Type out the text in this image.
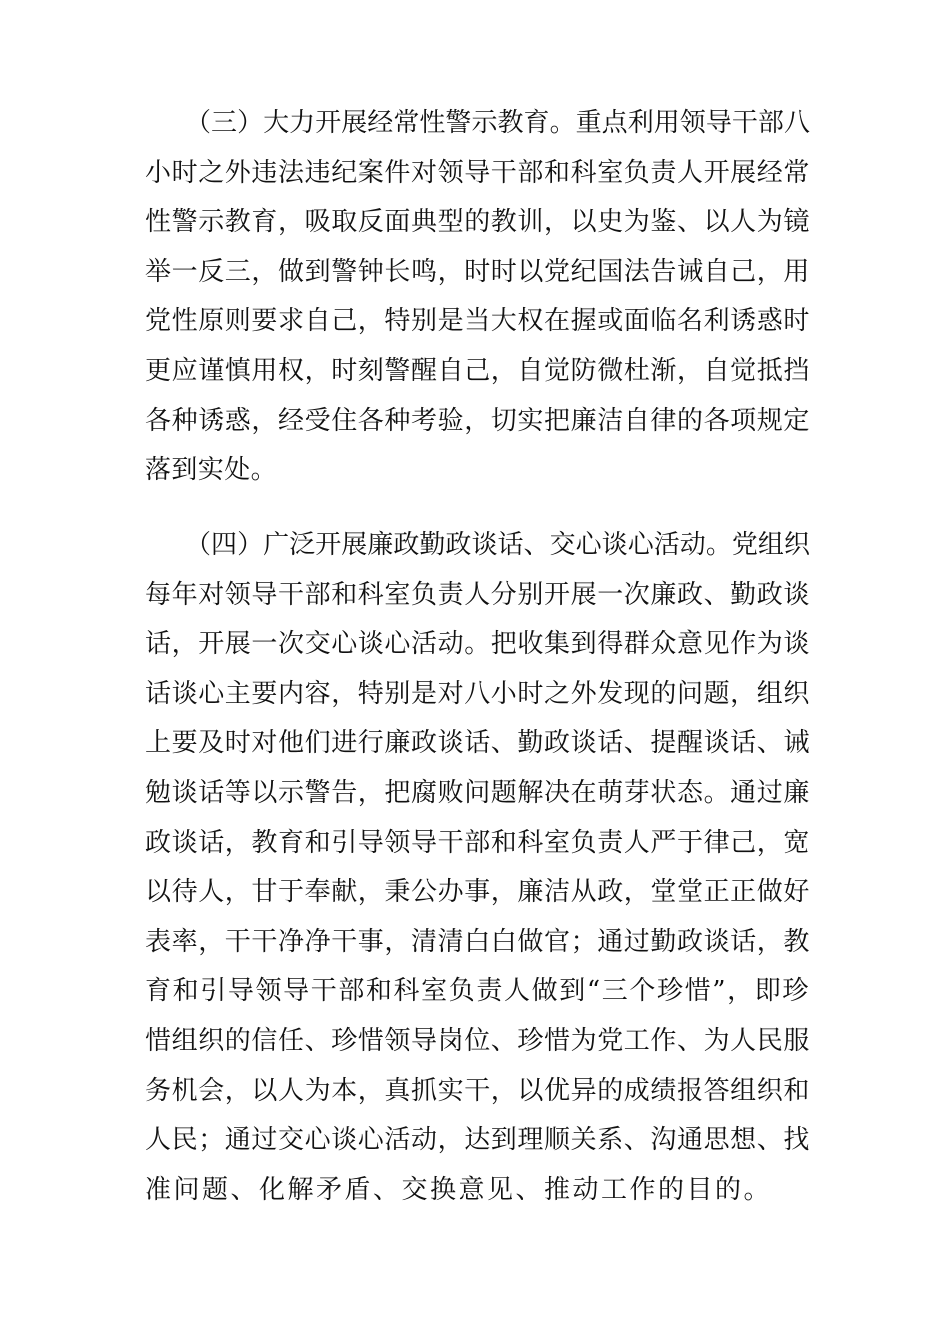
（三）大力开展经常性警示教育。重点利用领导干部八
小时之外违法违纪案件对领导干部和科室负责人开展经常
性警示教育，吸取反面典型的教训，以史为鉴、以人为镜
举一反三，做到警钟长鸣，时时以党纪国法告诫自己，用
党性原则要求自己，特别是当大权在握或面临名利诱惑时
更应谨慎用权，时刻警醒自己，自觉防微杜渐，自觉抵挡
各种诱惑，经受住各种考验，切实把廉洁自律的各项规定
落到实处。
（四）广泛开展廉政勤政谈话、交心谈心活动。党组织
每年对领导干部和科室负责人分别开展一次廉政、勤政谈
话，开展一次交心谈心活动。把收集到得群众意见作为谈
话谈心主要内容，特别是对八小时之外发现的问题，组织
上要及时对他们进行廉政谈话、勤政谈话、提醒谈话、诫
勉谈话等以示警告，把腐败问题解决在萌芽状态。通过廉
政谈话，教育和引导领导干部和科室负责人严于律己，宽
以待人，甘于奉献，秉公办事，廉洁从政，堂堂正正做好
表率，干干净净干事，清清白白做官；通过勤政谈话，教
育和引导领导干部和科室负责人做到“三个珍惜”，即珍
惜组织的信任、珍惜领导岗位、珍惜为党工作、为人民服
务机会，以人为本，真抓实干，以优异的成绩报答组织和
人民；通过交心谈心活动，达到理顺关系、沟通思想、找
准问题、化解矛盾、交换意见、推动工作的目的。
